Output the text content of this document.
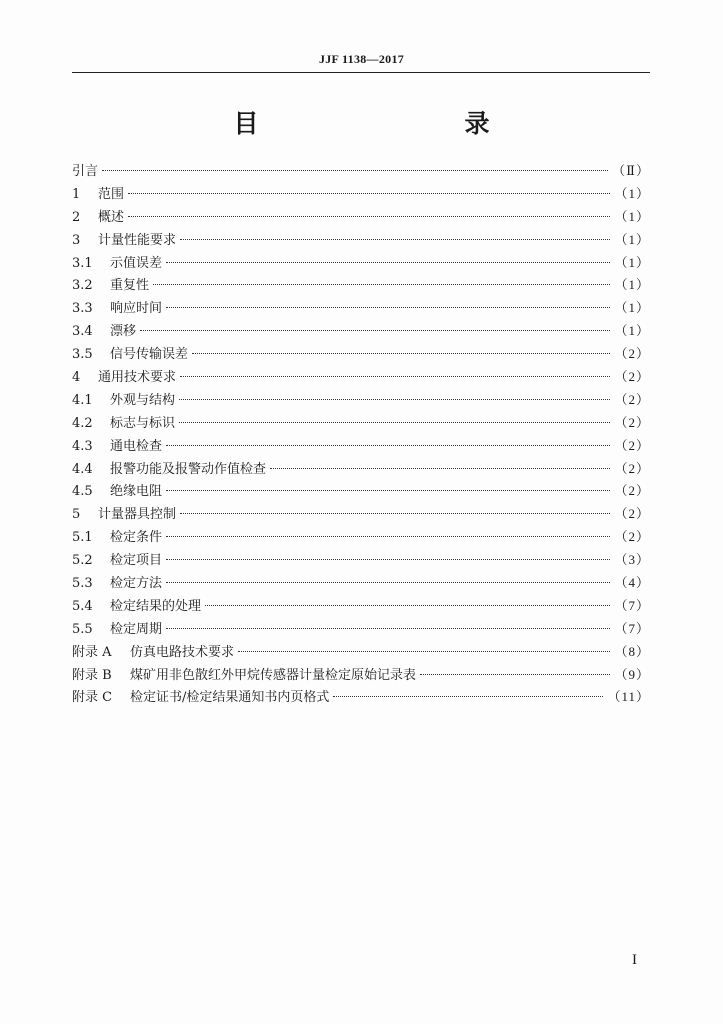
JJF 1138—2017
目　　录
引言	（Ⅱ）
1	范围	（1）
2	概述	（1）
3	计量性能要求	（1）
3.1	示值误差	（1）
3.2	重复性	（1）
3.3	响应时间	（1）
3.4	漂移	（1）
3.5	信号传输误差	（2）
4	通用技术要求	（2）
4.1	外观与结构	（2）
4.2	标志与标识	（2）
4.3	通电检查	（2）
4.4	报警功能及报警动作值检查	（2）
4.5	绝缘电阻	（2）
5	计量器具控制	（2）
5.1	检定条件	（2）
5.2	检定项目	（3）
5.3	检定方法	（4）
5.4	检定结果的处理	（7）
5.5	检定周期	（7）
附录 A	仿真电路技术要求	（8）
附录 B	煤矿用非色散红外甲烷传感器计量检定原始记录表	（9）
附录 C	检定证书/检定结果通知书内页格式	（11）
I
